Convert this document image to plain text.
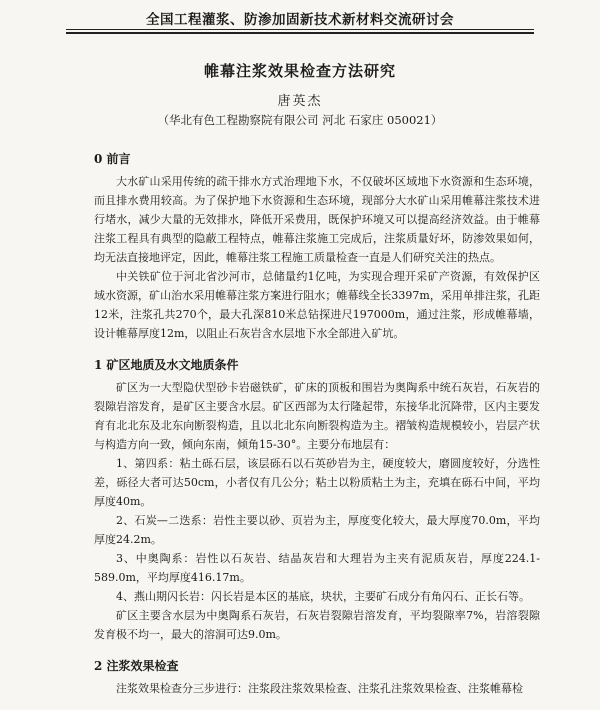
全国工程灌浆、防渗加固新技术新材料交流研讨会
帷幕注浆效果检查方法研究
唐英杰
（华北有色工程勘察院有限公司 河北 石家庄 050021）
0 前言

大水矿山采用传统的疏干排水方式治理地下水，不仅破坏区域地下水资源和生态环境，而且排水费用较高。为了保护地下水资源和生态环境，现部分大水矿山采用帷幕注浆技术进行堵水，减少大量的无效排水，降低开采费用，既保护环境又可以提高经济效益。由于帷幕注浆工程具有典型的隐蔽工程特点，帷幕注浆施工完成后，注浆质量好坏，防渗效果如何，均无法直接地评定，因此，帷幕注浆工程施工质量检查一直是人们研究关注的热点。

中关铁矿位于河北省沙河市，总储量约1亿吨，为实现合理开采矿产资源，有效保护区域水资源，矿山治水采用帷幕注浆方案进行阻水；帷幕线全长3397m，采用单排注浆，孔距12米，注浆孔共270个，最大孔深810米总钻探进尺197000m，通过注浆，形成帷幕墙，设计帷幕厚度12m，以阻止石灰岩含水层地下水全部进入矿坑。

1 矿区地质及水文地质条件

矿区为一大型隐伏型砂卡岩磁铁矿，矿床的顶板和围岩为奥陶系中统石灰岩，石灰岩的裂隙岩溶发育，是矿区主要含水层。矿区西部为太行隆起带，东接华北沉降带，区内主要发育有北北东及北东向断裂构造，且以北北东向断裂构造为主。褶皱构造规模较小，岩层产状与构造方向一致，倾向东南，倾角15-30°。主要分布地层有：

1、第四系：粘土砾石层，该层砾石以石英砂岩为主，硬度较大，磨圆度较好，分选性差，砾径大者可达50cm，小者仅有几公分；粘土以粉质粘土为主，充填在砾石中间，平均厚度40m。

2、石炭—二迭系：岩性主要以砂、页岩为主，厚度变化较大，最大厚度70.0m，平均厚度24.2m。

3、中奥陶系：岩性以石灰岩、结晶灰岩和大理岩为主夹有泥质灰岩，厚度224.1-589.0m，平均厚度416.17m。

4、燕山期闪长岩：闪长岩是本区的基底，块状，主要矿石成分有角闪石、正长石等。

矿区主要含水层为中奥陶系石灰岩，石灰岩裂隙岩溶发育，平均裂隙率7%，岩溶裂隙发育极不均一，最大的溶洞可达9.0m。

2 注浆效果检查

注浆效果检查分三步进行：注浆段注浆效果检查、注浆孔注浆效果检查、注浆帷幕检
